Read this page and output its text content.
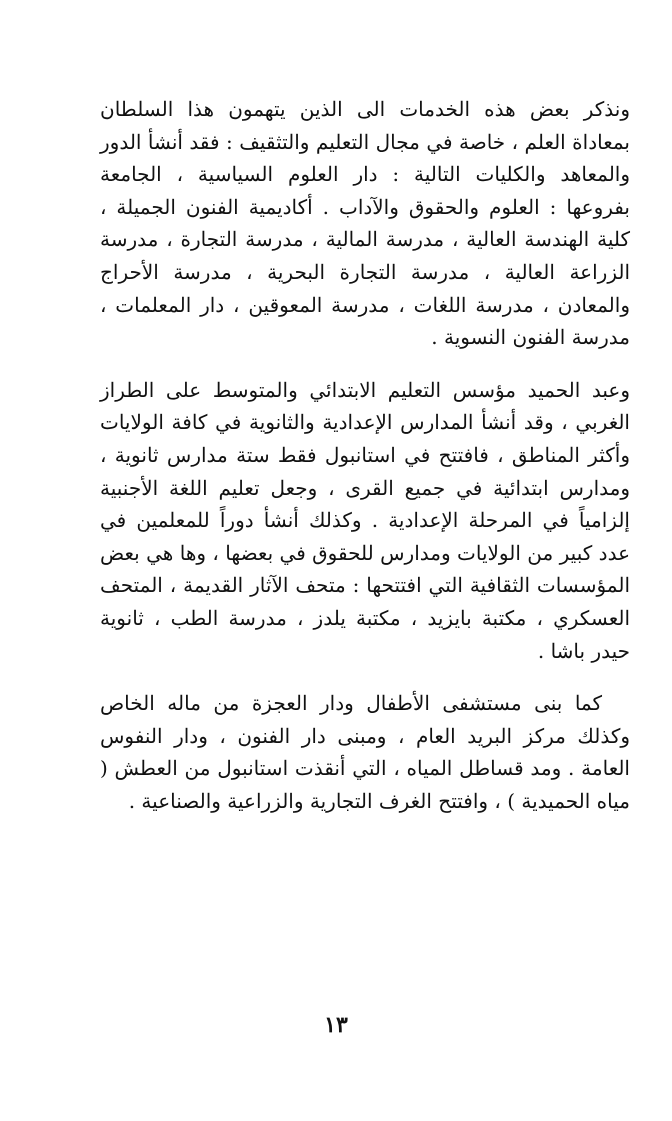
ونذكر بعض هذه الخدمات الى الذين يتهمون هذا السلطان بمعاداة العلم ، خاصة في مجال التعليم والتثقيف : فقد أنشأ الدور والمعاهد والكليات التالية : دار العلوم السياسية ، الجامعة بفروعها : العلوم والحقوق والآداب . أكاديمية الفنون الجميلة ، كلية الهندسة العالية ، مدرسة المالية ، مدرسة التجارة ، مدرسة الزراعة العالية ، مدرسة التجارة البحرية ، مدرسة الأحراج والمعادن ، مدرسة اللغات ، مدرسة المعوقين ، دار المعلمات ، مدرسة الفنون النسوية .

وعبد الحميد مؤسس التعليم الابتدائي والمتوسط على الطراز الغربي ، وقد أنشأ المدارس الإعدادية والثانوية في كافة الولايات وأكثر المناطق ، فافتتح في استانبول فقط ستة مدارس ثانوية ، ومدارس ابتدائية في جميع القرى ، وجعل تعليم اللغة الأجنبية إلزامياً في المرحلة الإعدادية . وكذلك أنشأ دوراً للمعلمين في عدد كبير من الولايات ومدارس للحقوق في بعضها ، وها هي بعض المؤسسات الثقافية التي افتتحها : متحف الآثار القديمة ، المتحف العسكري ، مكتبة بايزيد ، مكتبة يلدز ، مدرسة الطب ، ثانوية حيدر باشا .

كما بنى مستشفى الأطفال ودار العجزة من ماله الخاص وكذلك مركز البريد العام ، ومبنى دار الفنون ، ودار النفوس العامة . ومد قساطل المياه ، التي أنقذت استانبول من العطش ( مياه الحميدية ) ، وافتتح الغرف التجارية والزراعية والصناعية .

١٣
